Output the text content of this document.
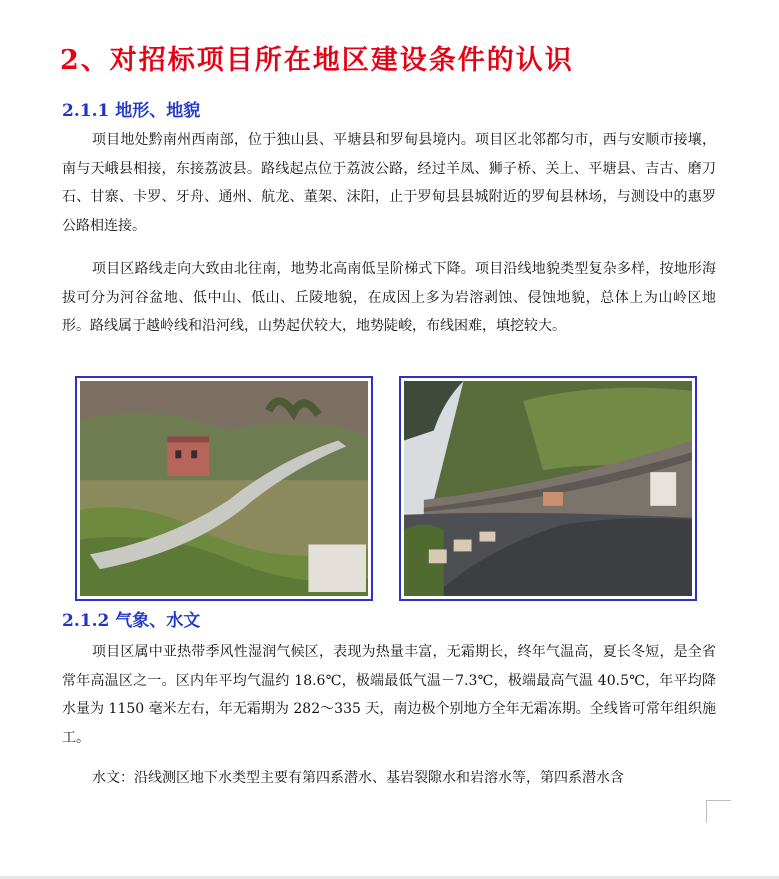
2、对招标项目所在地区建设条件的认识
2.1.1 地形、地貌
项目地处黔南州西南部，位于独山县、平塘县和罗甸县境内。项目区北邻都匀市，西与安顺市接壤，南与天峨县相接，东接荔波县。路线起点位于荔波公路，经过羊凤、狮子桥、关上、平塘县、吉古、磨刀石、甘寨、卡罗、牙舟、通州、航龙、董架、沫阳，止于罗甸县县城附近的罗甸县林场，与测设中的惠罗公路相连接。
项目区路线走向大致由北往南，地势北高南低呈阶梯式下降。项目沿线地貌类型复杂多样，按地形海拔可分为河谷盆地、低中山、低山、丘陵地貌，在成因上多为岩溶剥蚀、侵蚀地貌，总体上为山岭区地形。路线属于越岭线和沿河线，山势起伏较大，地势陡峻，布线困难，填挖较大。
2.1.2 气象、水文
项目区属中亚热带季风性湿润气候区，表现为热量丰富，无霜期长，终年气温高，夏长冬短，是全省常年高温区之一。区内年平均气温约 18.6℃，极端最低气温－7.3℃，极端最高气温 40.5℃，年平均降水量为 1150 毫米左右，年无霜期为 282～335 天，南边极个别地方全年无霜冻期。全线皆可常年组织施工。
水文：沿线测区地下水类型主要有第四系潜水、基岩裂隙水和岩溶水等，第四系潜水含
